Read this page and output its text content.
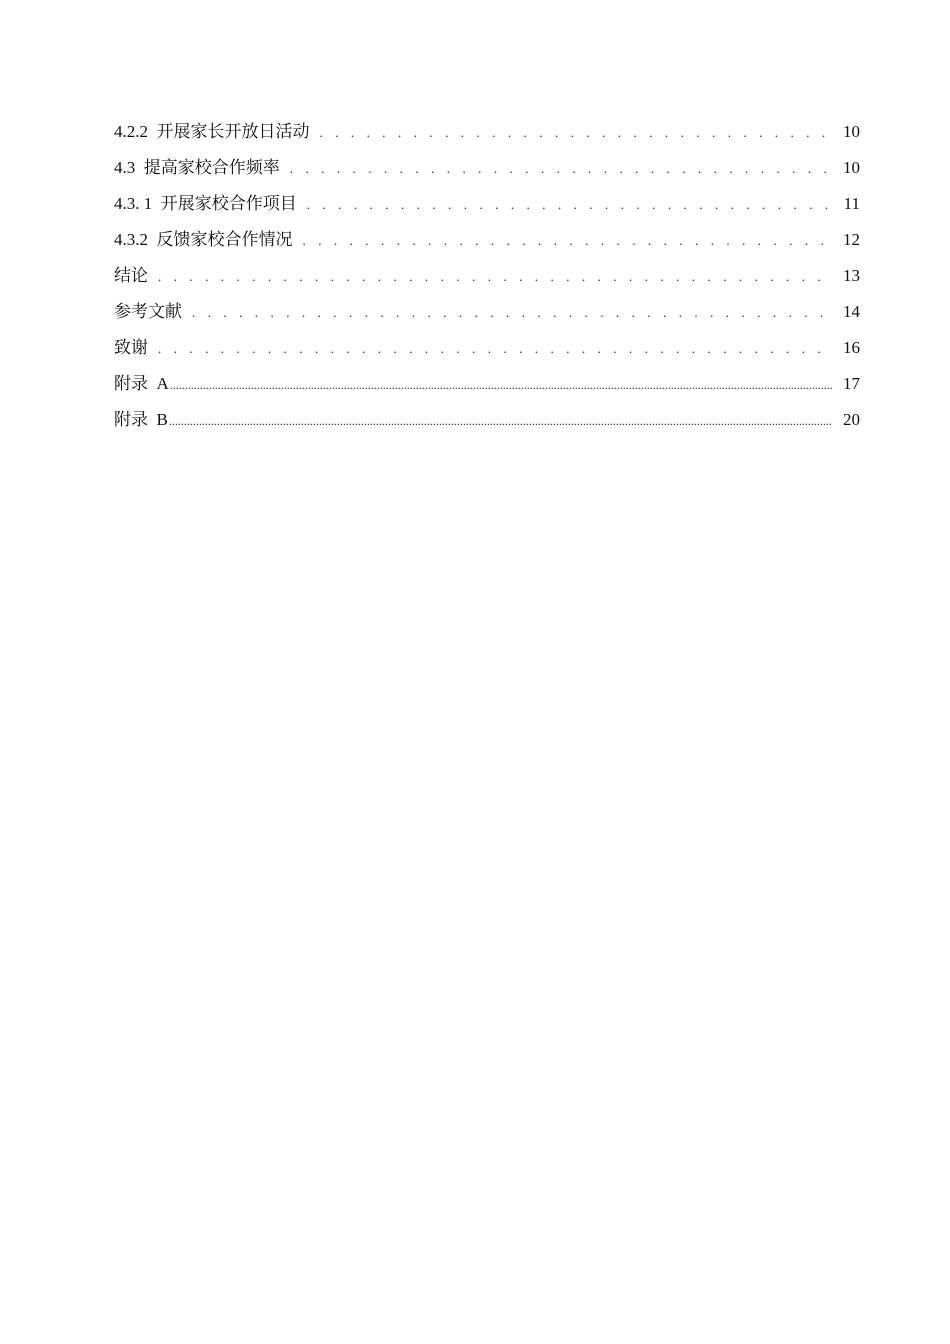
4.2.2  开展家长开放日活动 . . .	10
4.3  提高家校合作频率 . . .	10
4.3. 1  开展家校合作项目 . . .	11
4.3.2  反馈家校合作情况 . . .	12
结论 . . .	13
参考文献 . . .	14
致谢 . . .	16
附录  A .....	17
附录  B .....	20
